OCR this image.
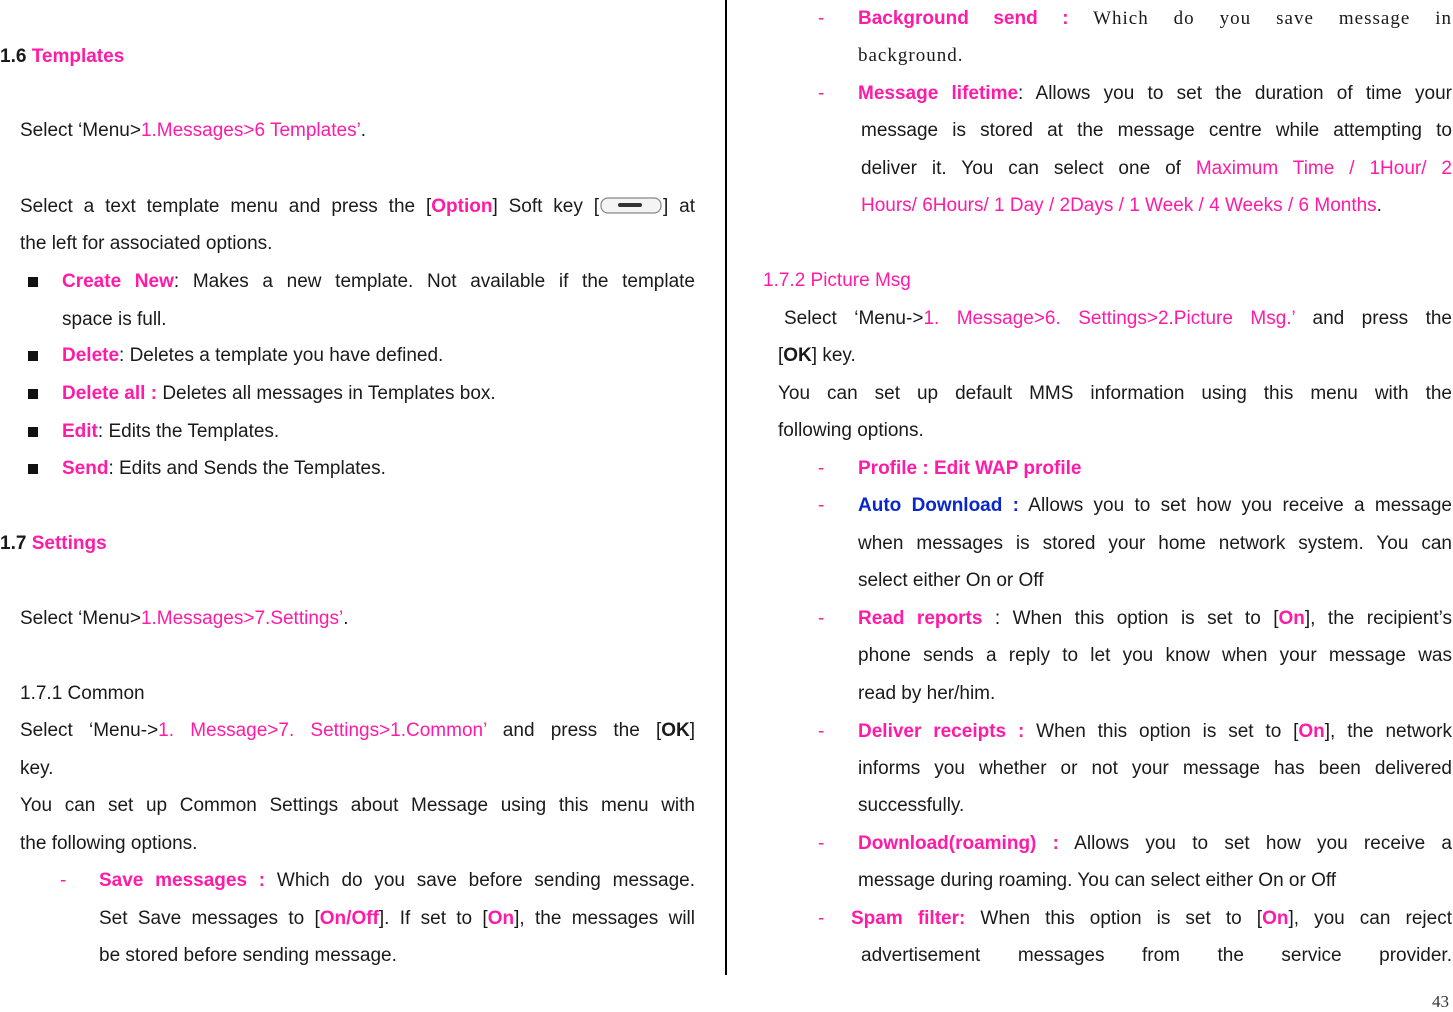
1.6 Templates
Select ‘Menu>1.Messages>6 Templates’.
Select a text template menu and press the [Option] Soft key [	] at
the left for associated options.
Create New: Makes a new template. Not available if the template
space is full.
Delete: Deletes a template you have defined.
Delete all : Deletes all messages in Templates box.
Edit: Edits the Templates.
Send: Edits and Sends the Templates.
1.7 Settings
Select ‘Menu>1.Messages>7.Settings’.
1.7.1 Common
Select ‘Menu->1. Message>7. Settings>1.Common’ and press the [OK]
key.
You can set up Common Settings about Message using this menu with
the following options.
- Save messages : Which do you save before sending message.
Set Save messages to [On/Off]. If set to [On], the messages will
be stored before sending message.
- Background send : Which do you save message in
background.
- Message lifetime: Allows you to set the duration of time your
message is stored at the message centre while attempting to
deliver it. You can select one of Maximum Time / 1Hour/ 2
Hours/ 6Hours/ 1 Day / 2Days / 1 Week / 4 Weeks / 6 Months.
1.7.2 Picture Msg
Select ‘Menu->1. Message>6. Settings>2.Picture Msg.’ and press the
[OK] key.
You can set up default MMS information using this menu with the
following options.
- Profile : Edit WAP profile
- Auto Download : Allows you to set how you receive a message
when messages is stored your home network system. You can
select either On or Off
- Read reports : When this option is set to [On], the recipient’s
phone sends a reply to let you know when your message was
read by her/him.
- Deliver receipts : When this option is set to [On], the network
informs you whether or not your message has been delivered
successfully.
- Download(roaming) : Allows you to set how you receive a
message during roaming. You can select either On or Off
- Spam filter: When this option is set to [On], you can reject
advertisement messages from the service provider.
43
